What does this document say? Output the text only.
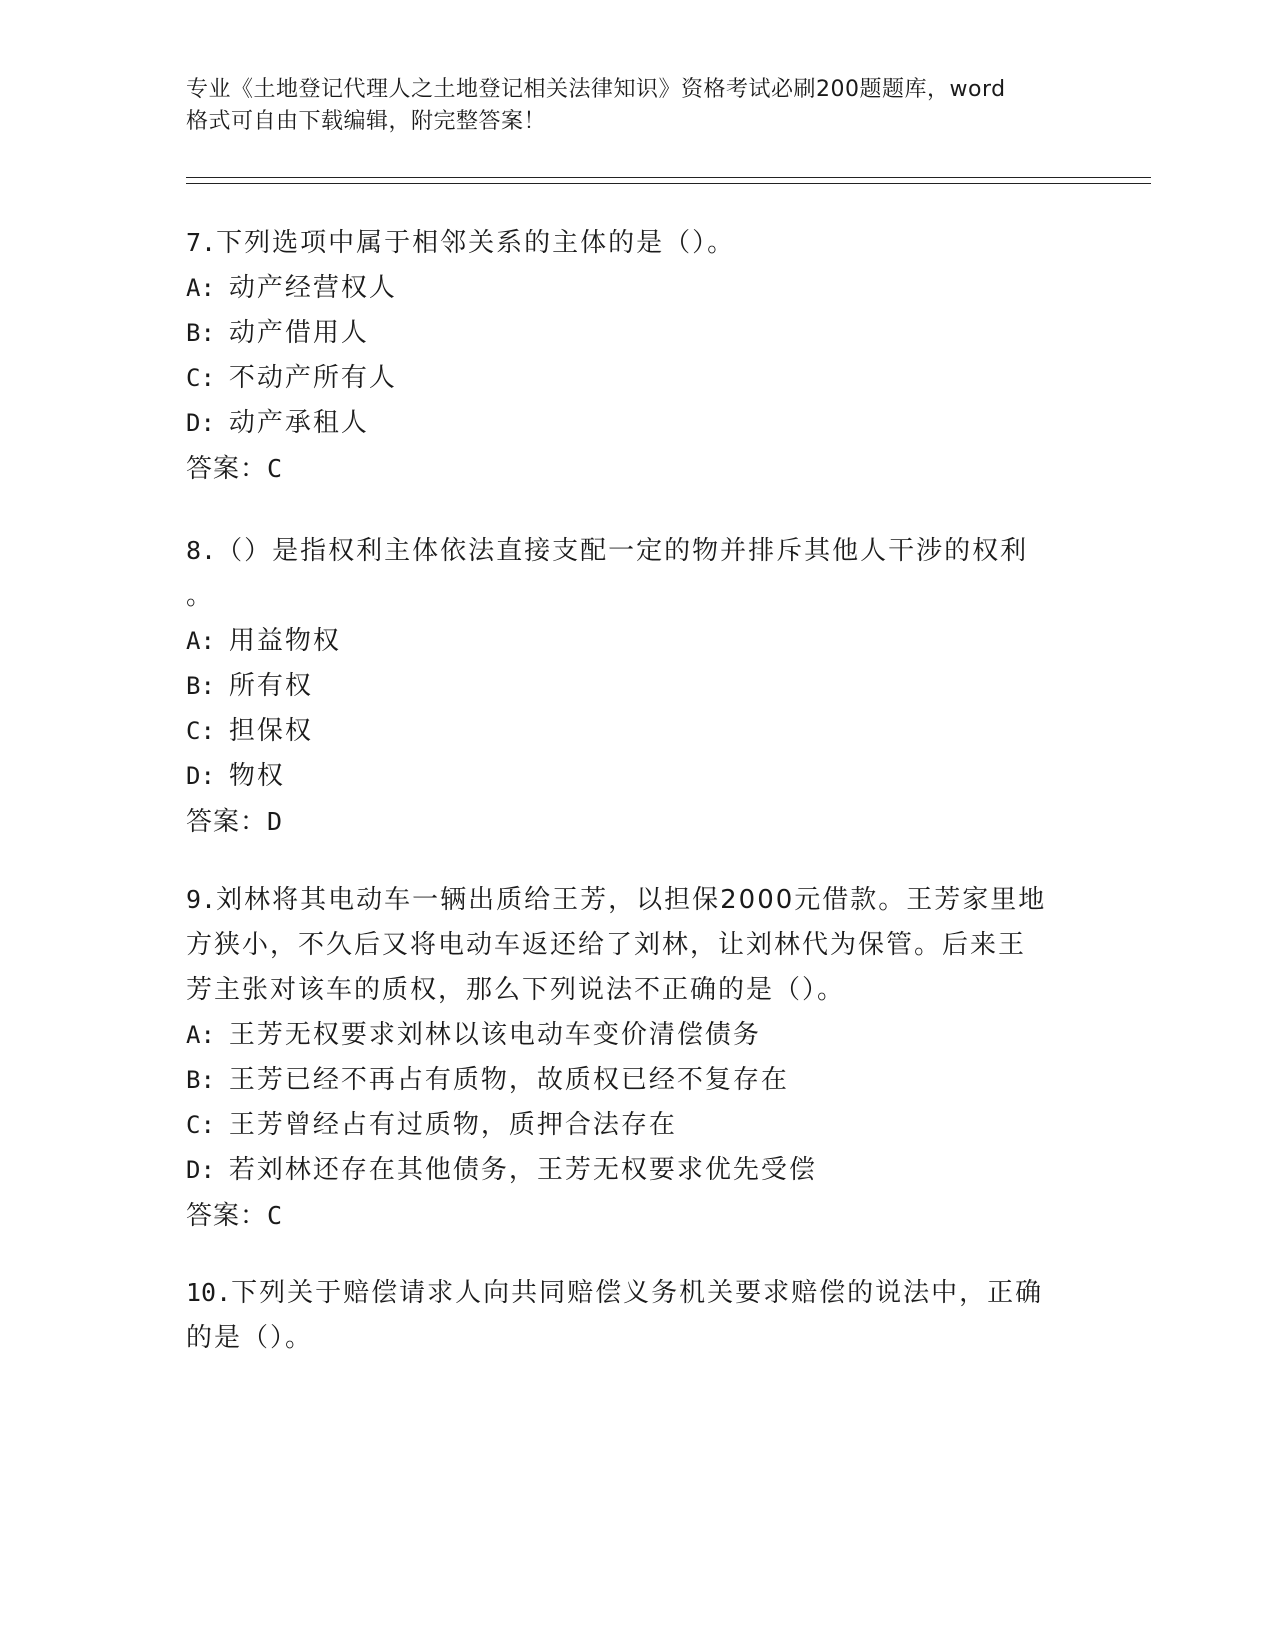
专业《土地登记代理人之土地登记相关法律知识》资格考试必刷200题题库，word
格式可自由下载编辑，附完整答案！
7.下列选项中属于相邻关系的主体的是（）。
A: 动产经营权人
B: 动产借用人
C: 不动产所有人
D: 动产承租人
答案：C
8.（）是指权利主体依法直接支配一定的物并排斥其他人干涉的权利
。
A: 用益物权
B: 所有权
C: 担保权
D: 物权
答案：D
9.刘林将其电动车一辆出质给王芳，以担保2000元借款。王芳家里地
方狭小，不久后又将电动车返还给了刘林，让刘林代为保管。后来王
芳主张对该车的质权，那么下列说法不正确的是（）。
A: 王芳无权要求刘林以该电动车变价清偿债务
B: 王芳已经不再占有质物，故质权已经不复存在
C: 王芳曾经占有过质物，质押合法存在
D: 若刘林还存在其他债务，王芳无权要求优先受偿
答案：C
10.下列关于赔偿请求人向共同赔偿义务机关要求赔偿的说法中，正确
的是（）。
